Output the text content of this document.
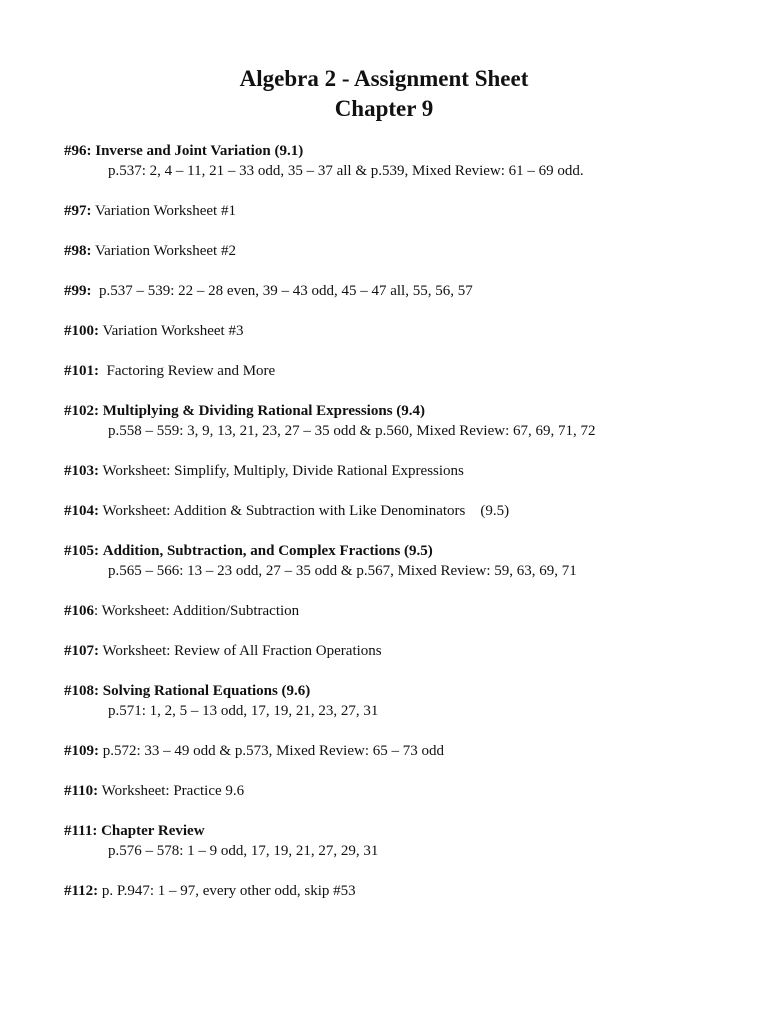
Algebra 2 - Assignment Sheet
Chapter 9
#96: Inverse and Joint Variation (9.1)
p.537: 2, 4 – 11, 21 – 33 odd, 35 – 37 all & p.539, Mixed Review: 61 – 69 odd.
#97: Variation Worksheet #1
#98: Variation Worksheet #2
#99:  p.537 – 539: 22 – 28 even, 39 – 43 odd, 45 – 47 all, 55, 56, 57
#100: Variation Worksheet #3
#101:  Factoring Review and More
#102: Multiplying & Dividing Rational Expressions (9.4)
p.558 – 559: 3, 9, 13, 21, 23, 27 – 35 odd & p.560, Mixed Review: 67, 69, 71, 72
#103: Worksheet: Simplify, Multiply, Divide Rational Expressions
#104: Worksheet: Addition & Subtraction with Like Denominators    (9.5)
#105: Addition, Subtraction, and Complex Fractions (9.5)
p.565 – 566: 13 – 23 odd, 27 – 35 odd & p.567, Mixed Review: 59, 63, 69, 71
#106: Worksheet: Addition/Subtraction
#107: Worksheet: Review of All Fraction Operations
#108: Solving Rational Equations (9.6)
p.571: 1, 2, 5 – 13 odd, 17, 19, 21, 23, 27, 31
#109: p.572: 33 – 49 odd & p.573, Mixed Review: 65 – 73 odd
#110: Worksheet: Practice 9.6
#111: Chapter Review
p.576 – 578: 1 – 9 odd, 17, 19, 21, 27, 29, 31
#112: p. P.947: 1 – 97, every other odd, skip #53
